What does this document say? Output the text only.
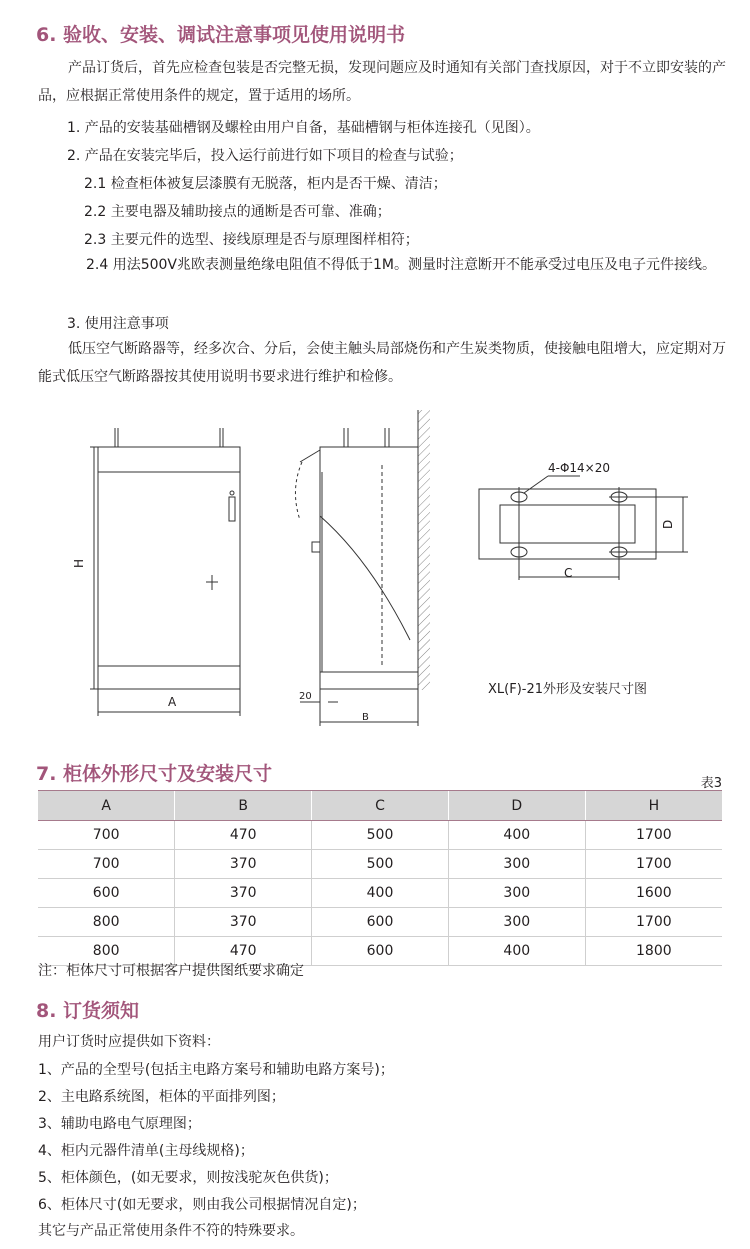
6. 验收、安装、调试注意事项见使用说明书

产品订货后，首先应检查包装是否完整无损，发现问题应及时通知有关部门查找原因，对于不立即安装的产品，应根据正常使用条件的规定，置于适用的场所。

1. 产品的安装基础槽钢及螺栓由用户自备，基础槽钢与柜体连接孔（见图）。

2. 产品在安装完毕后，投入运行前进行如下项目的检查与试验；

2.1 检查柜体被复层漆膜有无脱落，柜内是否干燥、清洁；

2.2 主要电器及辅助接点的通断是否可靠、准确；

2.3 主要元件的选型、接线原理是否与原理图样相符；

2.4 用法500V兆欧表测量绝缘电阻值不得低于1M。测量时注意断开不能承受过电压及电子元件接线。

3. 使用注意事项

低压空气断路器等，经多次合、分后，会使主触头局部烧伤和产生炭类物质，使接触电阻增大，应定期对万能式低压空气断路器按其使用说明书要求进行维护和检修。

H
A	20
B
4-Φ14×20
C
D
XL(F)-21外形及安装尺寸图
7. 柜体外形尺寸及安装尺寸	表3
A	B	C	D	H
700	470	500	400	1700
700	370	500	300	1700
600	370	400	300	1600
800	370	600	300	1700
800	470	600	400	1800

注：柜体尺寸可根据客户提供图纸要求确定

8. 订货须知

用户订货时应提供如下资料：

1、产品的全型号(包括主电路方案号和辅助电路方案号)；

2、主电路系统图，柜体的平面排列图；

3、辅助电路电气原理图；

4、柜内元器件清单(主母线规格)；

5、柜体颜色，(如无要求，则按浅驼灰色供货)；

6、柜体尺寸(如无要求，则由我公司根据情况自定)；

其它与产品正常使用条件不符的特殊要求。
